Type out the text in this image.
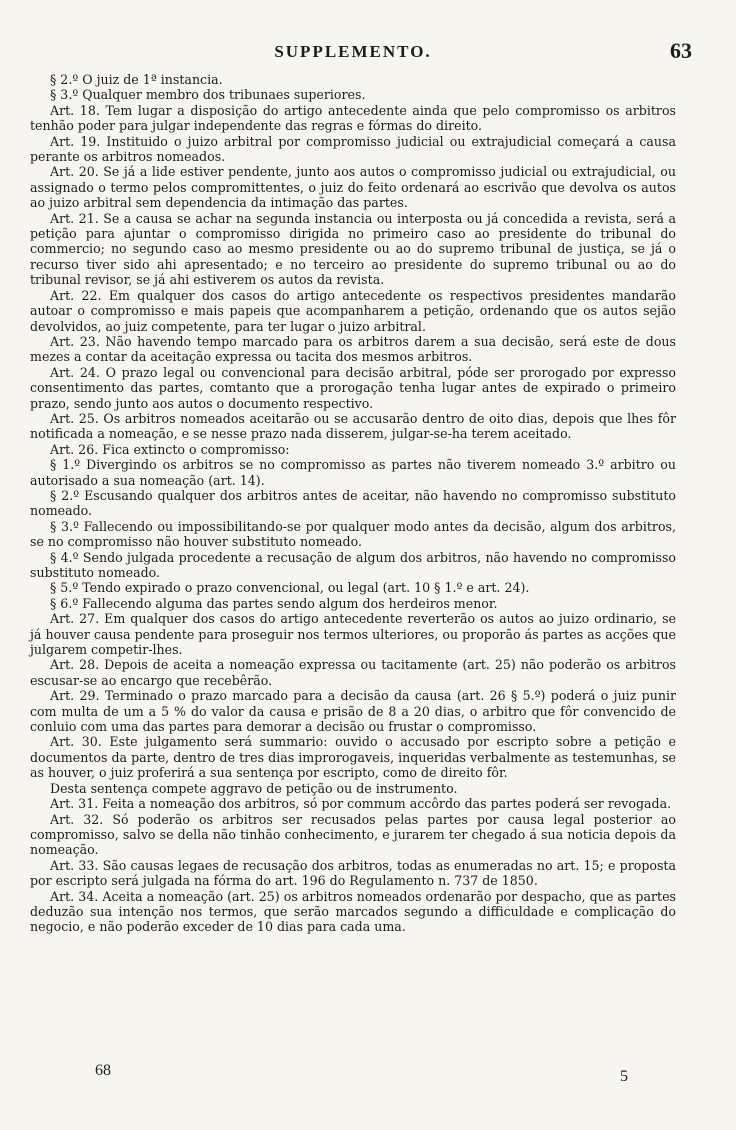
SUPPLEMENTO.	63

§ 2.º O juiz de 1ª instancia.

§ 3.º Qualquer membro dos tribunaes superiores.

Art. 18. Tem lugar a disposição do artigo antecedente ainda que pelo compromisso os arbitros tenhão poder para julgar independente das regras e fórmas do direito.

Art. 19. Instituido o juizo arbitral por compromisso judicial ou extrajudicial começará a causa perante os arbitros nomeados.

Art. 20. Se já a lide estiver pendente, junto aos autos o compromisso judicial ou extrajudicial, ou assignado o termo pelos compromittentes, o juiz do feito ordenará ao escrivão que devolva os autos ao juizo arbitral sem dependencia da intimação das partes.

Art. 21. Se a causa se achar na segunda instancia ou interposta ou já concedida a revista, será a petição para ajuntar o compromisso dirigida no primeiro caso ao presidente do tribunal do commercio; no segundo caso ao mesmo presidente ou ao do supremo tribunal de justiça, se já o recurso tiver sido ahi apresentado; e no terceiro ao presidente do supremo tribunal ou ao do tribunal revisor, se já ahi estiverem os autos da revista.

Art. 22. Em qualquer dos casos do artigo antecedente os respectivos presidentes mandarão autoar o compromisso e mais papeis que acompanharem a petição, ordenando que os autos sejão devolvidos, ao juiz competente, para ter lugar o juizo arbitral.

Art. 23. Não havendo tempo marcado para os arbitros darem a sua decisão, será este de dous mezes a contar da aceitação expressa ou tacita dos mesmos arbitros.

Art. 24. O prazo legal ou convencional para decisão arbitral, póde ser prorogado por expresso consentimento das partes, comtanto que a prorogação tenha lugar antes de expirado o primeiro prazo, sendo junto aos autos o documento respectivo.

Art. 25. Os arbitros nomeados aceitarão ou se accusarão dentro de oito dias, depois que lhes fôr notificada a nomeação, e se nesse prazo nada disserem, julgar-se-ha terem aceitado.

Art. 26. Fica extincto o compromisso:

§ 1.º Divergindo os arbitros se no compromisso as partes não tiverem nomeado 3.º arbitro ou autorisado a sua nomeação (art. 14).

§ 2.º Escusando qualquer dos arbitros antes de aceitar, não havendo no compromisso substituto nomeado.

§ 3.º Fallecendo ou impossibilitando-se por qualquer modo antes da decisão, algum dos arbitros, se no compromisso não houver substituto nomeado.

§ 4.º Sendo julgada procedente a recusação de algum dos arbitros, não havendo no compromisso substituto nomeado.

§ 5.º Tendo expirado o prazo convencional, ou legal (art. 10 § 1.º e art. 24).

§ 6.º Fallecendo alguma das partes sendo algum dos herdeiros menor.

Art. 27. Em qualquer dos casos do artigo antecedente reverterão os autos ao juizo ordinario, se já houver causa pendente para proseguir nos termos ulteriores, ou proporão ás partes as acções que julgarem competir-lhes.

Art. 28. Depois de aceita a nomeação expressa ou tacitamente (art. 25) não poderão os arbitros escusar-se ao encargo que recebêrão.

Art. 29. Terminado o prazo marcado para a decisão da causa (art. 26 § 5.º) poderá o juiz punir com multa de um a 5 % do valor da causa e prisão de 8 a 20 dias, o arbitro que fôr convencido de conluio com uma das partes para demorar a decisão ou frustar o compromisso.

Art. 30. Este julgamento será summario: ouvido o accusado por escripto sobre a petição e documentos da parte, dentro de tres dias improrogaveis, inqueridas verbalmente as testemunhas, se as houver, o juiz proferirá a sua sentença por escripto, como de direito fôr.

Desta sentença compete aggravo de petição ou de instrumento.

Art. 31. Feita a nomeação dos arbitros, só por commum accôrdo das partes poderá ser revogada.

Art. 32. Só poderão os arbitros ser recusados pelas partes por causa legal posterior ao compromisso, salvo se della não tinhão conhecimento, e jurarem ter chegado á sua noticia depois da nomeação.

Art. 33. São causas legaes de recusação dos arbitros, todas as enumeradas no art. 15; e proposta por escripto será julgada na fórma do art. 196 do Regulamento n. 737 de 1850.

Art. 34. Aceita a nomeação (art. 25) os arbitros nomeados ordenarão por despacho, que as partes deduzão sua intenção nos termos, que serão marcados segundo a difficuldade e complicação do negocio, e não poderão exceder de 10 dias para cada uma.

68	5
